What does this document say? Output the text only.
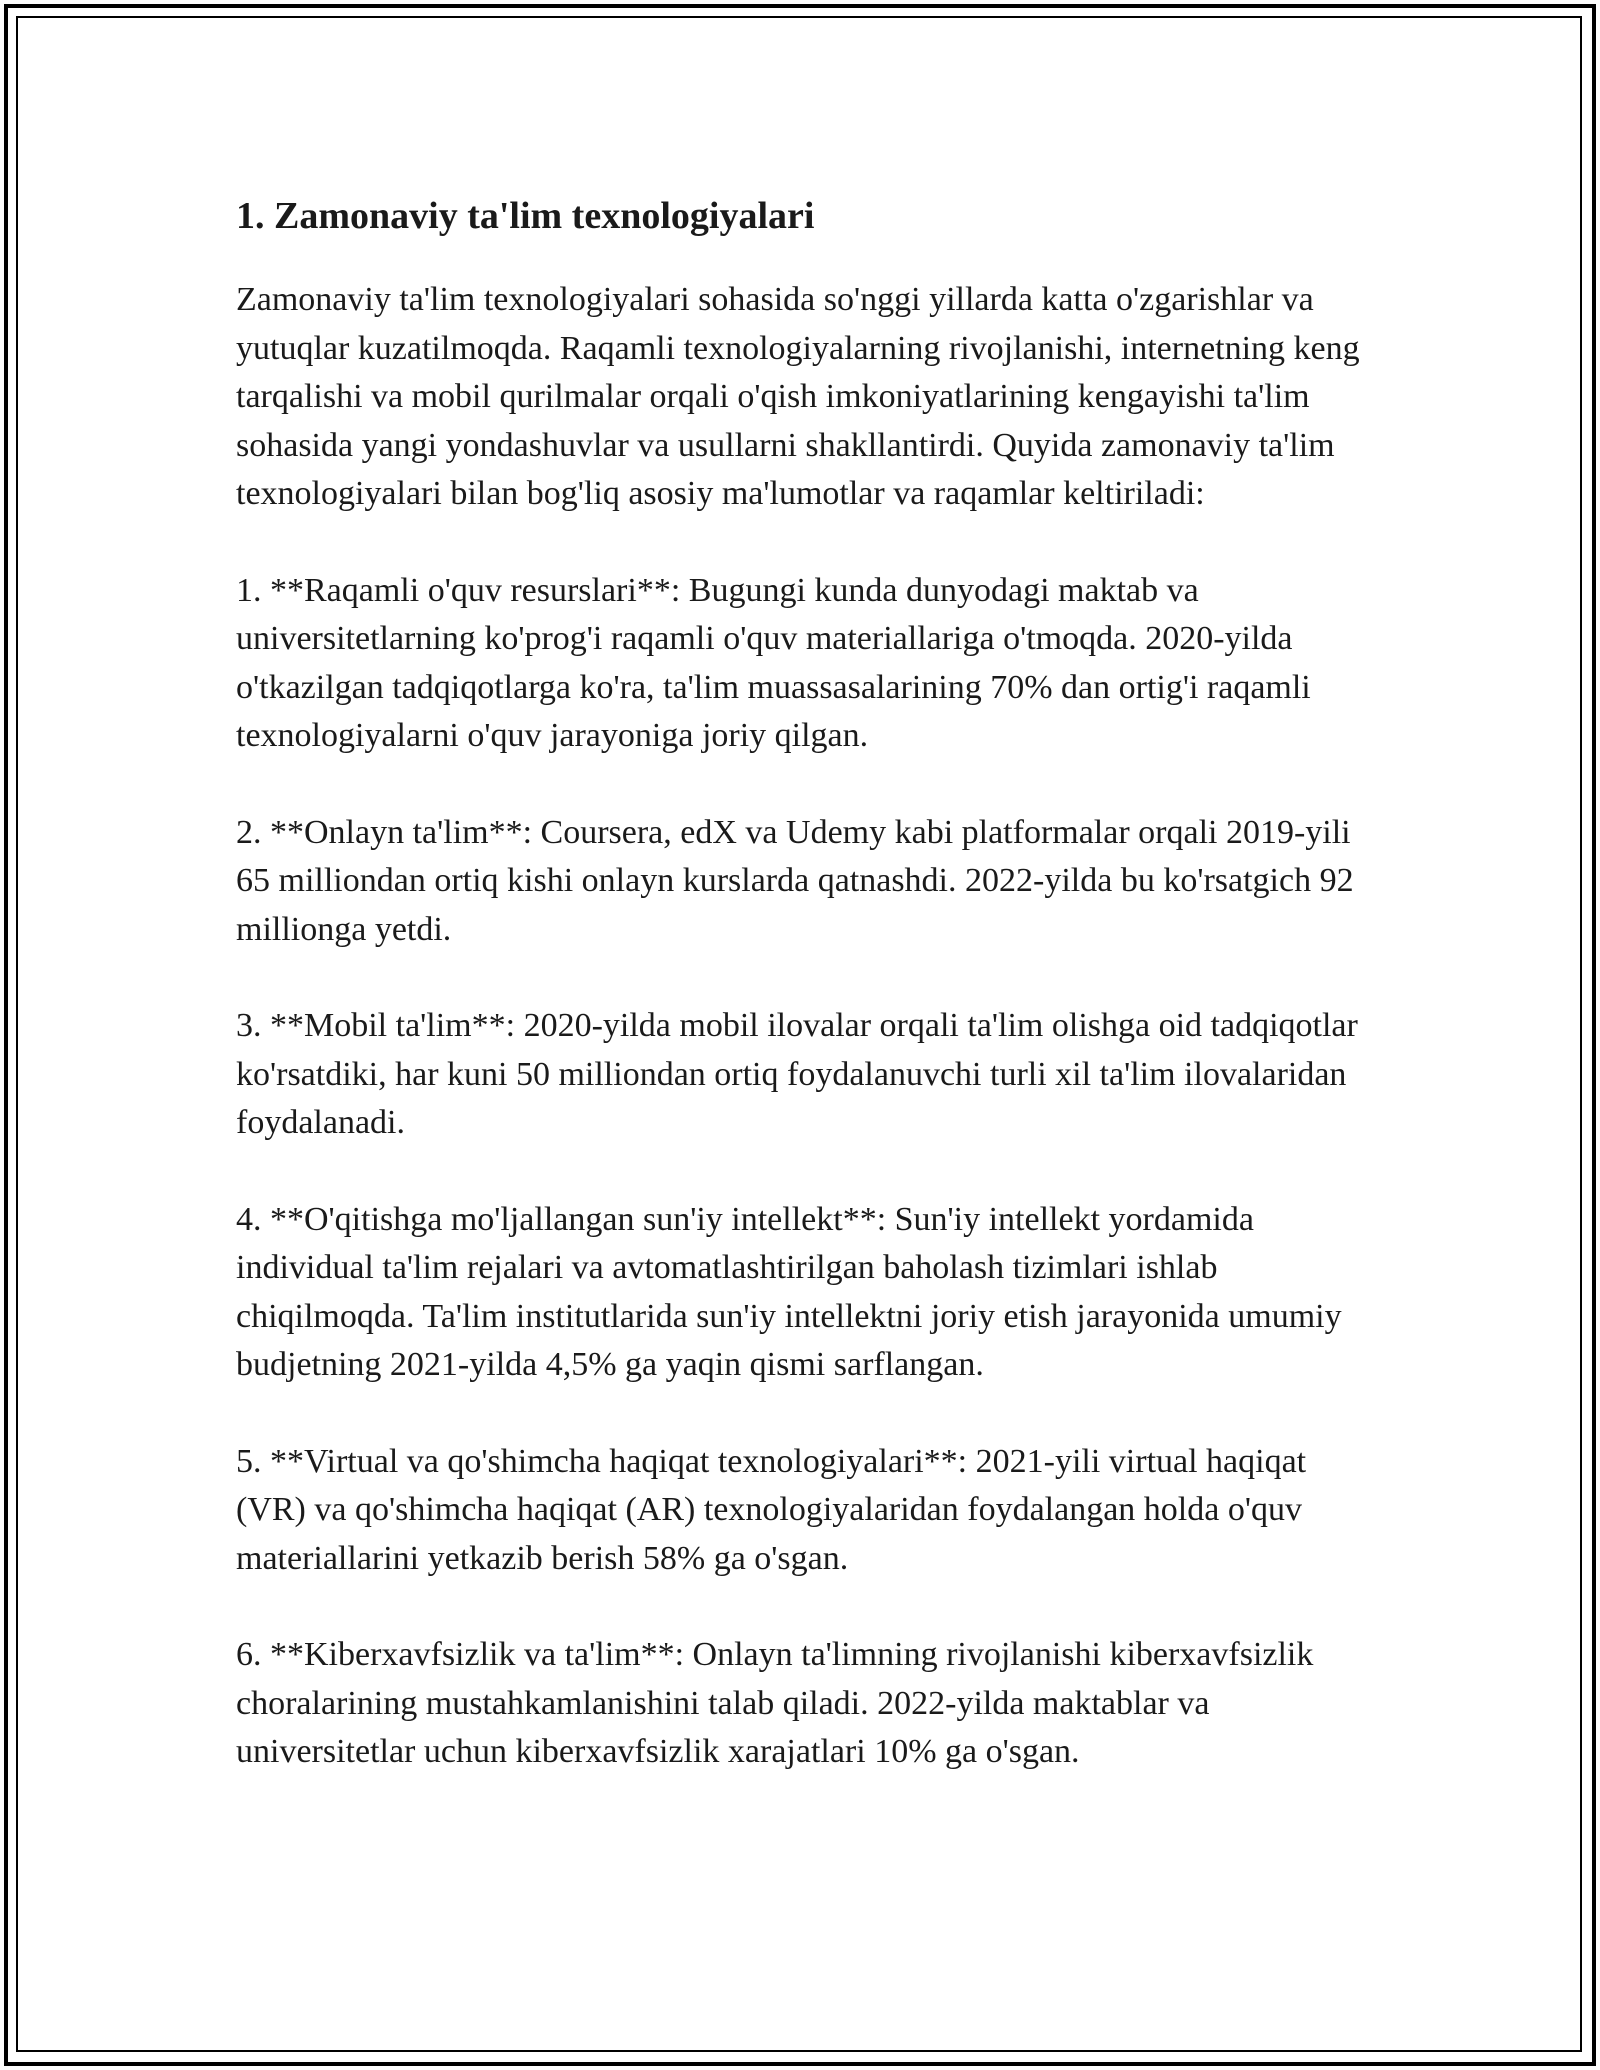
1. Zamonaviy ta'lim texnologiyalari

Zamonaviy ta'lim texnologiyalari sohasida so'nggi yillarda katta o'zgarishlar va yutuqlar kuzatilmoqda. Raqamli texnologiyalarning rivojlanishi, internetning keng tarqalishi va mobil qurilmalar orqali o'qish imkoniyatlarining kengayishi ta'lim sohasida yangi yondashuvlar va usullarni shakllantirdi. Quyida zamonaviy ta'lim texnologiyalari bilan bog'liq asosiy ma'lumotlar va raqamlar keltiriladi:

1. **Raqamli o'quv resurslari**: Bugungi kunda dunyodagi maktab va universitetlarning ko'prog'i raqamli o'quv materiallariga o'tmoqda. 2020-yilda o'tkazilgan tadqiqotlarga ko'ra, ta'lim muassasalarining 70% dan ortig'i raqamli texnologiyalarni o'quv jarayoniga joriy qilgan.

2. **Onlayn ta'lim**: Coursera, edX va Udemy kabi platformalar orqali 2019-yili 65 milliondan ortiq kishi onlayn kurslarda qatnashdi. 2022-yilda bu ko'rsatgich 92 millionga yetdi.

3. **Mobil ta'lim**: 2020-yilda mobil ilovalar orqali ta'lim olishga oid tadqiqotlar ko'rsatdiki, har kuni 50 milliondan ortiq foydalanuvchi turli xil ta'lim ilovalaridan foydalanadi.

4. **O'qitishga mo'ljallangan sun'iy intellekt**: Sun'iy intellekt yordamida individual ta'lim rejalari va avtomatlashtirilgan baholash tizimlari ishlab chiqilmoqda. Ta'lim institutlarida sun'iy intellektni joriy etish jarayonida umumiy budjetning 2021-yilda 4,5% ga yaqin qismi sarflangan.

5. **Virtual va qo'shimcha haqiqat texnologiyalari**: 2021-yili virtual haqiqat (VR) va qo'shimcha haqiqat (AR) texnologiyalaridan foydalangan holda o'quv materiallarini yetkazib berish 58% ga o'sgan.

6. **Kiberxavfsizlik va ta'lim**: Onlayn ta'limning rivojlanishi kiberxavfsizlik choralarining mustahkamlanishini talab qiladi. 2022-yilda maktablar va universitetlar uchun kiberxavfsizlik xarajatlari 10% ga o'sgan.
